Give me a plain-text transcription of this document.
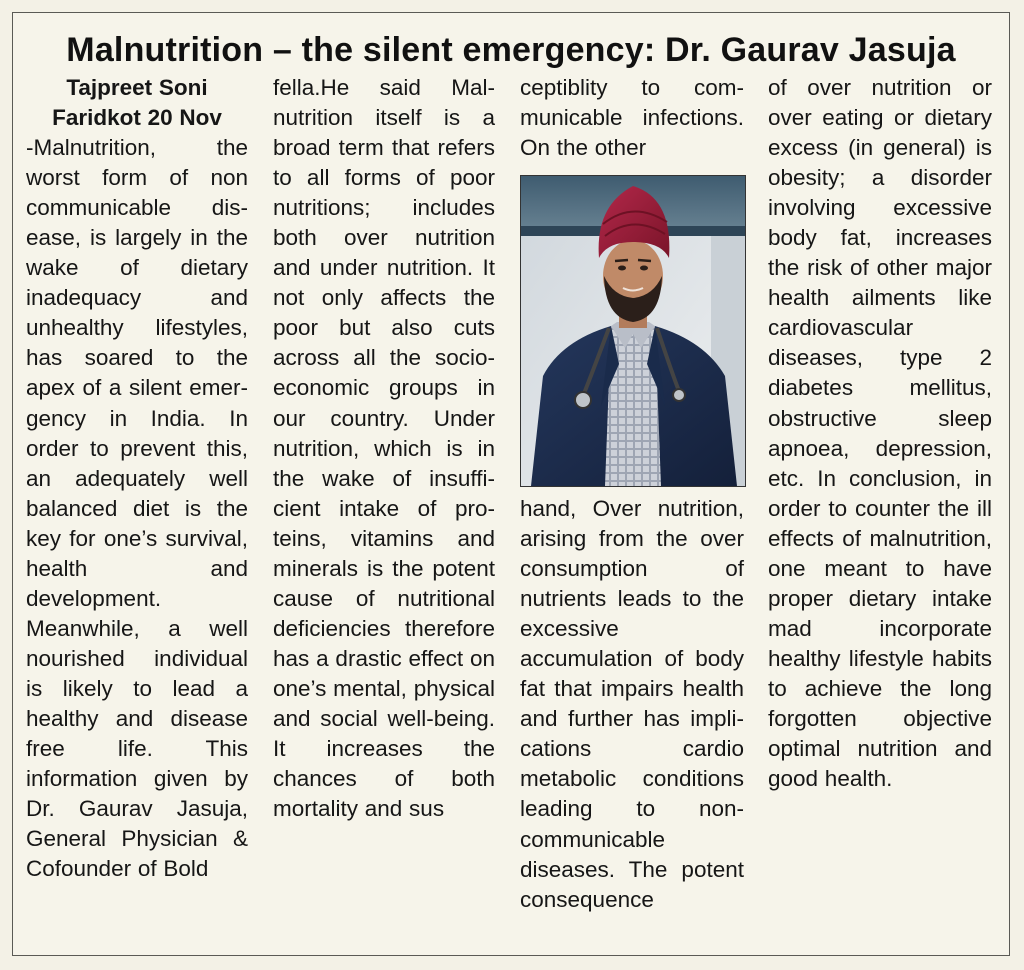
Malnutrition – the silent emergency: Dr. Gaurav Jasuja
Tajpreet Soni
Faridkot 20 Nov
-Malnutrition, the worst form of non communicable disease, is largely in the wake of dietary inadequacy and unhealthy lifestyles, has soared to the apex of a silent emergency in India. In order to prevent this, an adequately well balanced diet is the key for one’s survival, health and development. Meanwhile, a well nourished individual is likely to lead a healthy and disease free life. This information given by Dr. Gaurav Jasuja, General Physician & Cofounder of Bold
fella.He said Malnutrition itself is a broad term that refers to all forms of poor nutritions; includes both over nutrition and under nutrition. It not only affects the poor but also cuts across all the socio-economic groups in our country. Under nutrition, which is in the wake of insufficient intake of proteins, vitamins and minerals is the potent cause of nutritional deficiencies therefore has a drastic effect on one’s mental, physical and social well-being. It increases the chances of both mortality and sus
ceptiblity to communicable infections. On the other
hand, Over nutrition, arising from the over consumption of nutrients leads to the excessive accumulation of body fat that impairs health and further has implications cardio metabolic conditions leading to non-communicable diseases. The potent consequence
of over nutrition or over eating or dietary excess (in general) is obesity; a disorder involving excessive body fat, increases the risk of other major health ailments like cardiovascular diseases, type 2 diabetes mellitus, obstructive sleep apnoea, depression, etc. In conclusion, in order to counter the ill effects of malnutrition, one meant to have proper dietary intake mad incorporate healthy lifestyle habits to achieve the long forgotten objective optimal nutrition and good health.
